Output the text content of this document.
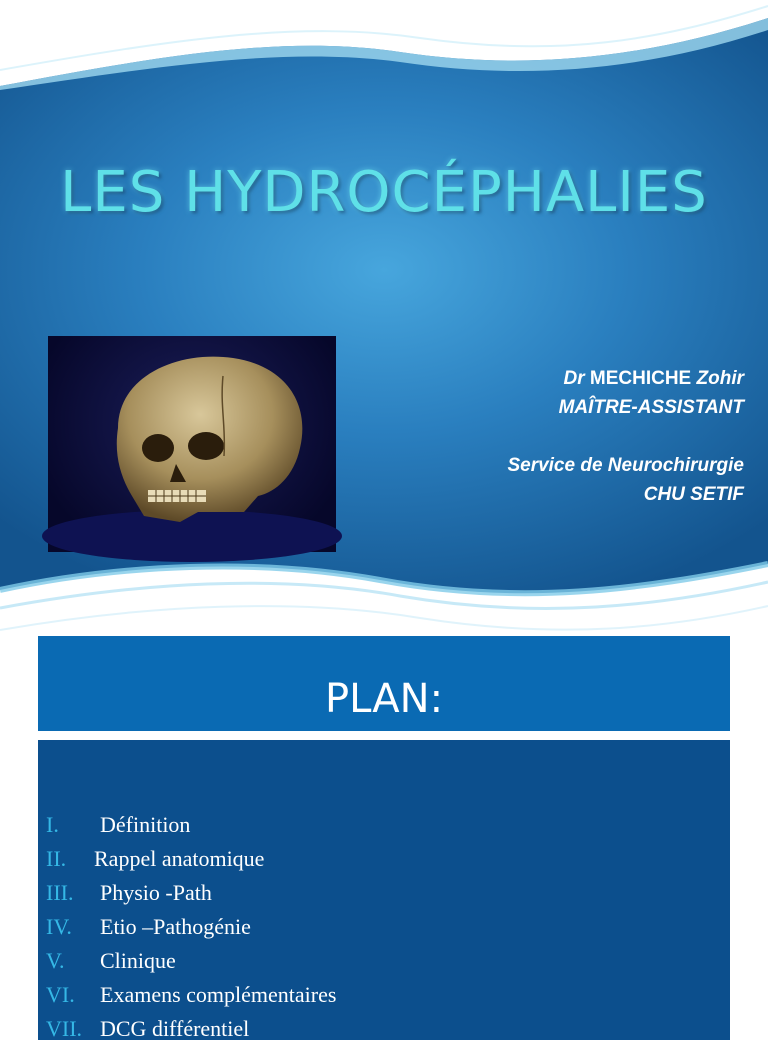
LES HYDROCÉPHALIES
Dr MECHICHE Zohir
MAÎTRE-ASSISTANT
Service de Neurochirurgie
CHU SETIF
PLAN:
I. Définition
II. Rappel anatomique
III. Physio -Path
IV. Etio –Pathogénie
V. Clinique
VI. Examens complémentaires
VII. DCG différentiel
